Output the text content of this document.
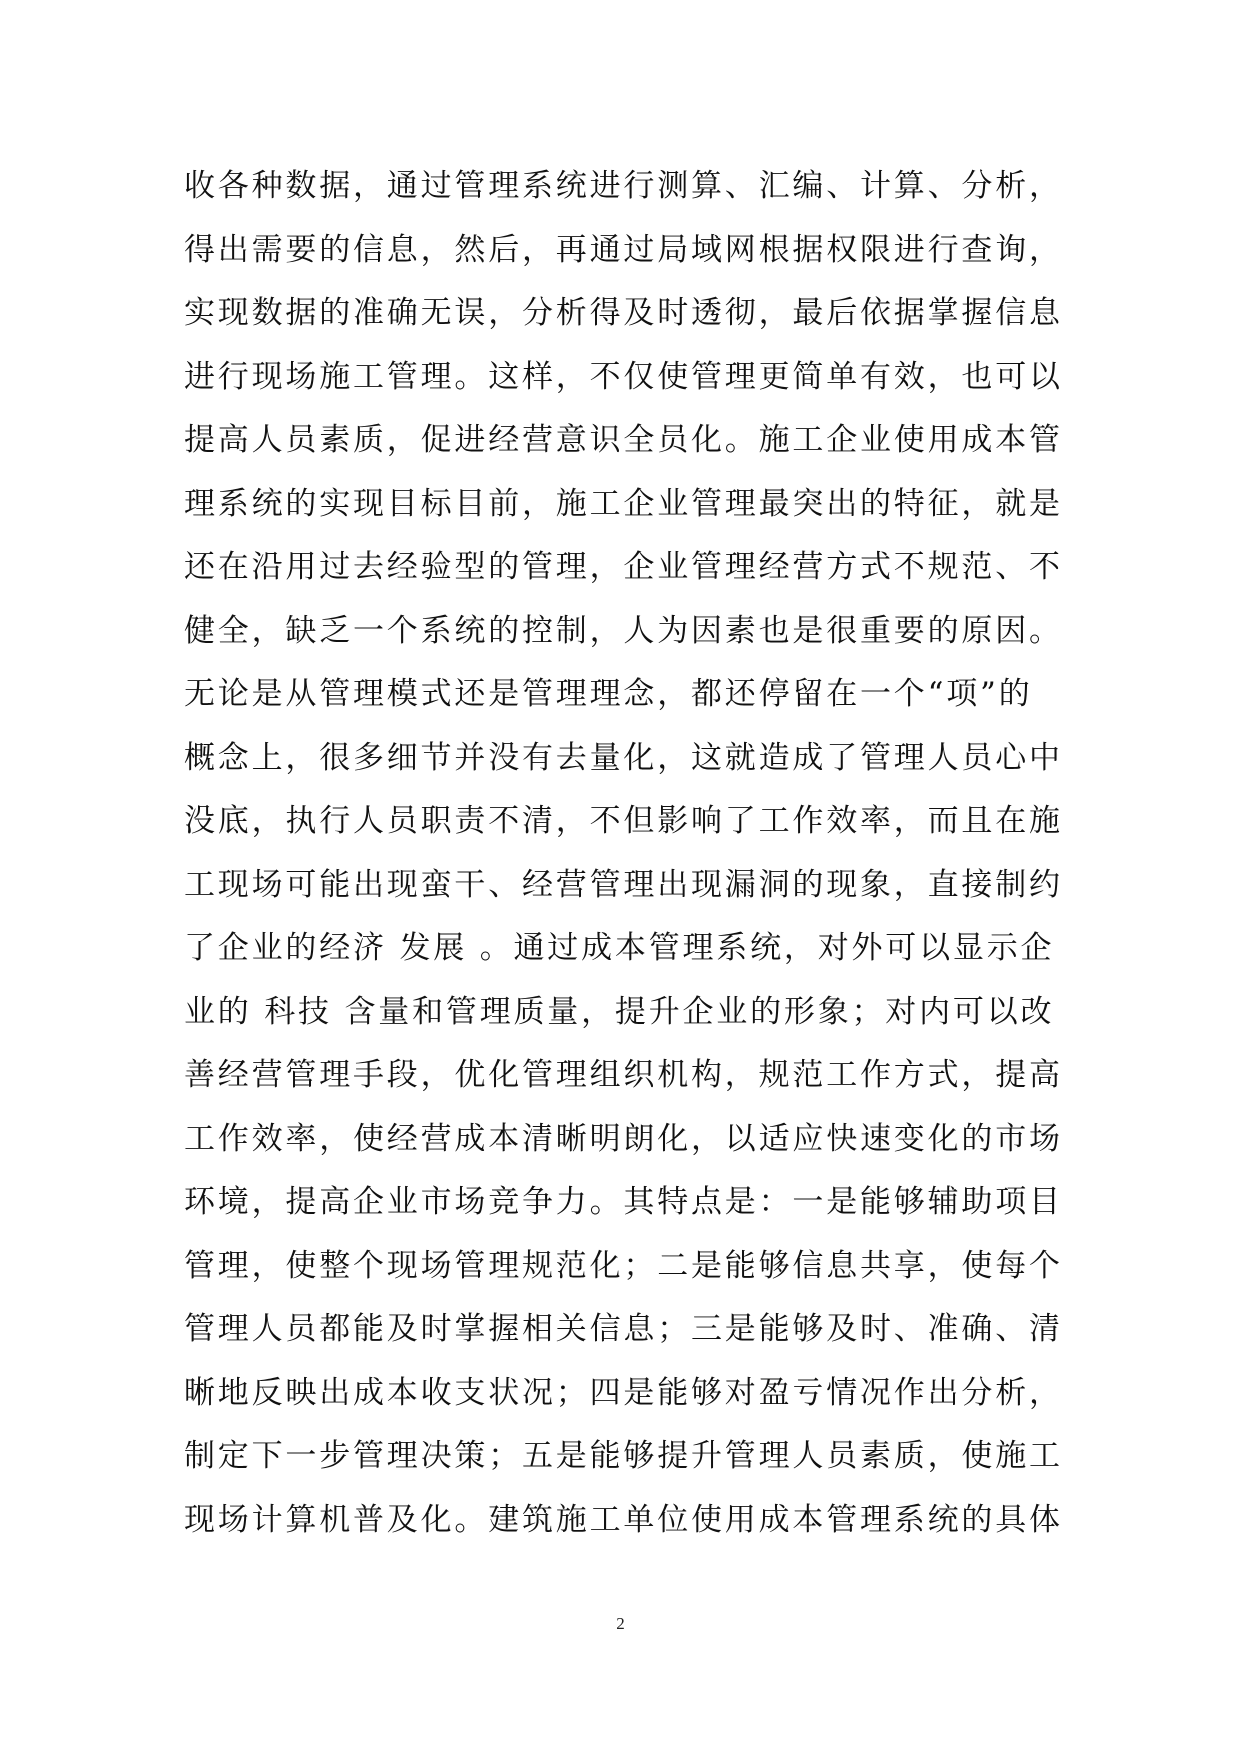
收各种数据，通过管理系统进行测算、汇编、计算、分析，
得出需要的信息，然后，再通过局域网根据权限进行查询，
实现数据的准确无误，分析得及时透彻，最后依据掌握信息
进行现场施工管理。这样，不仅使管理更简单有效，也可以
提高人员素质，促进经营意识全员化。施工企业使用成本管
理系统的实现目标目前，施工企业管理最突出的特征，就是
还在沿用过去经验型的管理，企业管理经营方式不规范、不
健全，缺乏一个系统的控制，人为因素也是很重要的原因。
无论是从管理模式还是管理理念，都还停留在一个“项”的
概念上，很多细节并没有去量化，这就造成了管理人员心中
没底，执行人员职责不清，不但影响了工作效率，而且在施
工现场可能出现蛮干、经营管理出现漏洞的现象，直接制约
了企业的经济 发展 。通过成本管理系统，对外可以显示企
业的 科技 含量和管理质量，提升企业的形象；对内可以改
善经营管理手段，优化管理组织机构，规范工作方式，提高
工作效率，使经营成本清晰明朗化，以适应快速变化的市场
环境，提高企业市场竞争力。其特点是：一是能够辅助项目
管理，使整个现场管理规范化；二是能够信息共享，使每个
管理人员都能及时掌握相关信息；三是能够及时、准确、清
晰地反映出成本收支状况；四是能够对盈亏情况作出分析，
制定下一步管理决策；五是能够提升管理人员素质，使施工
现场计算机普及化。建筑施工单位使用成本管理系统的具体
2
